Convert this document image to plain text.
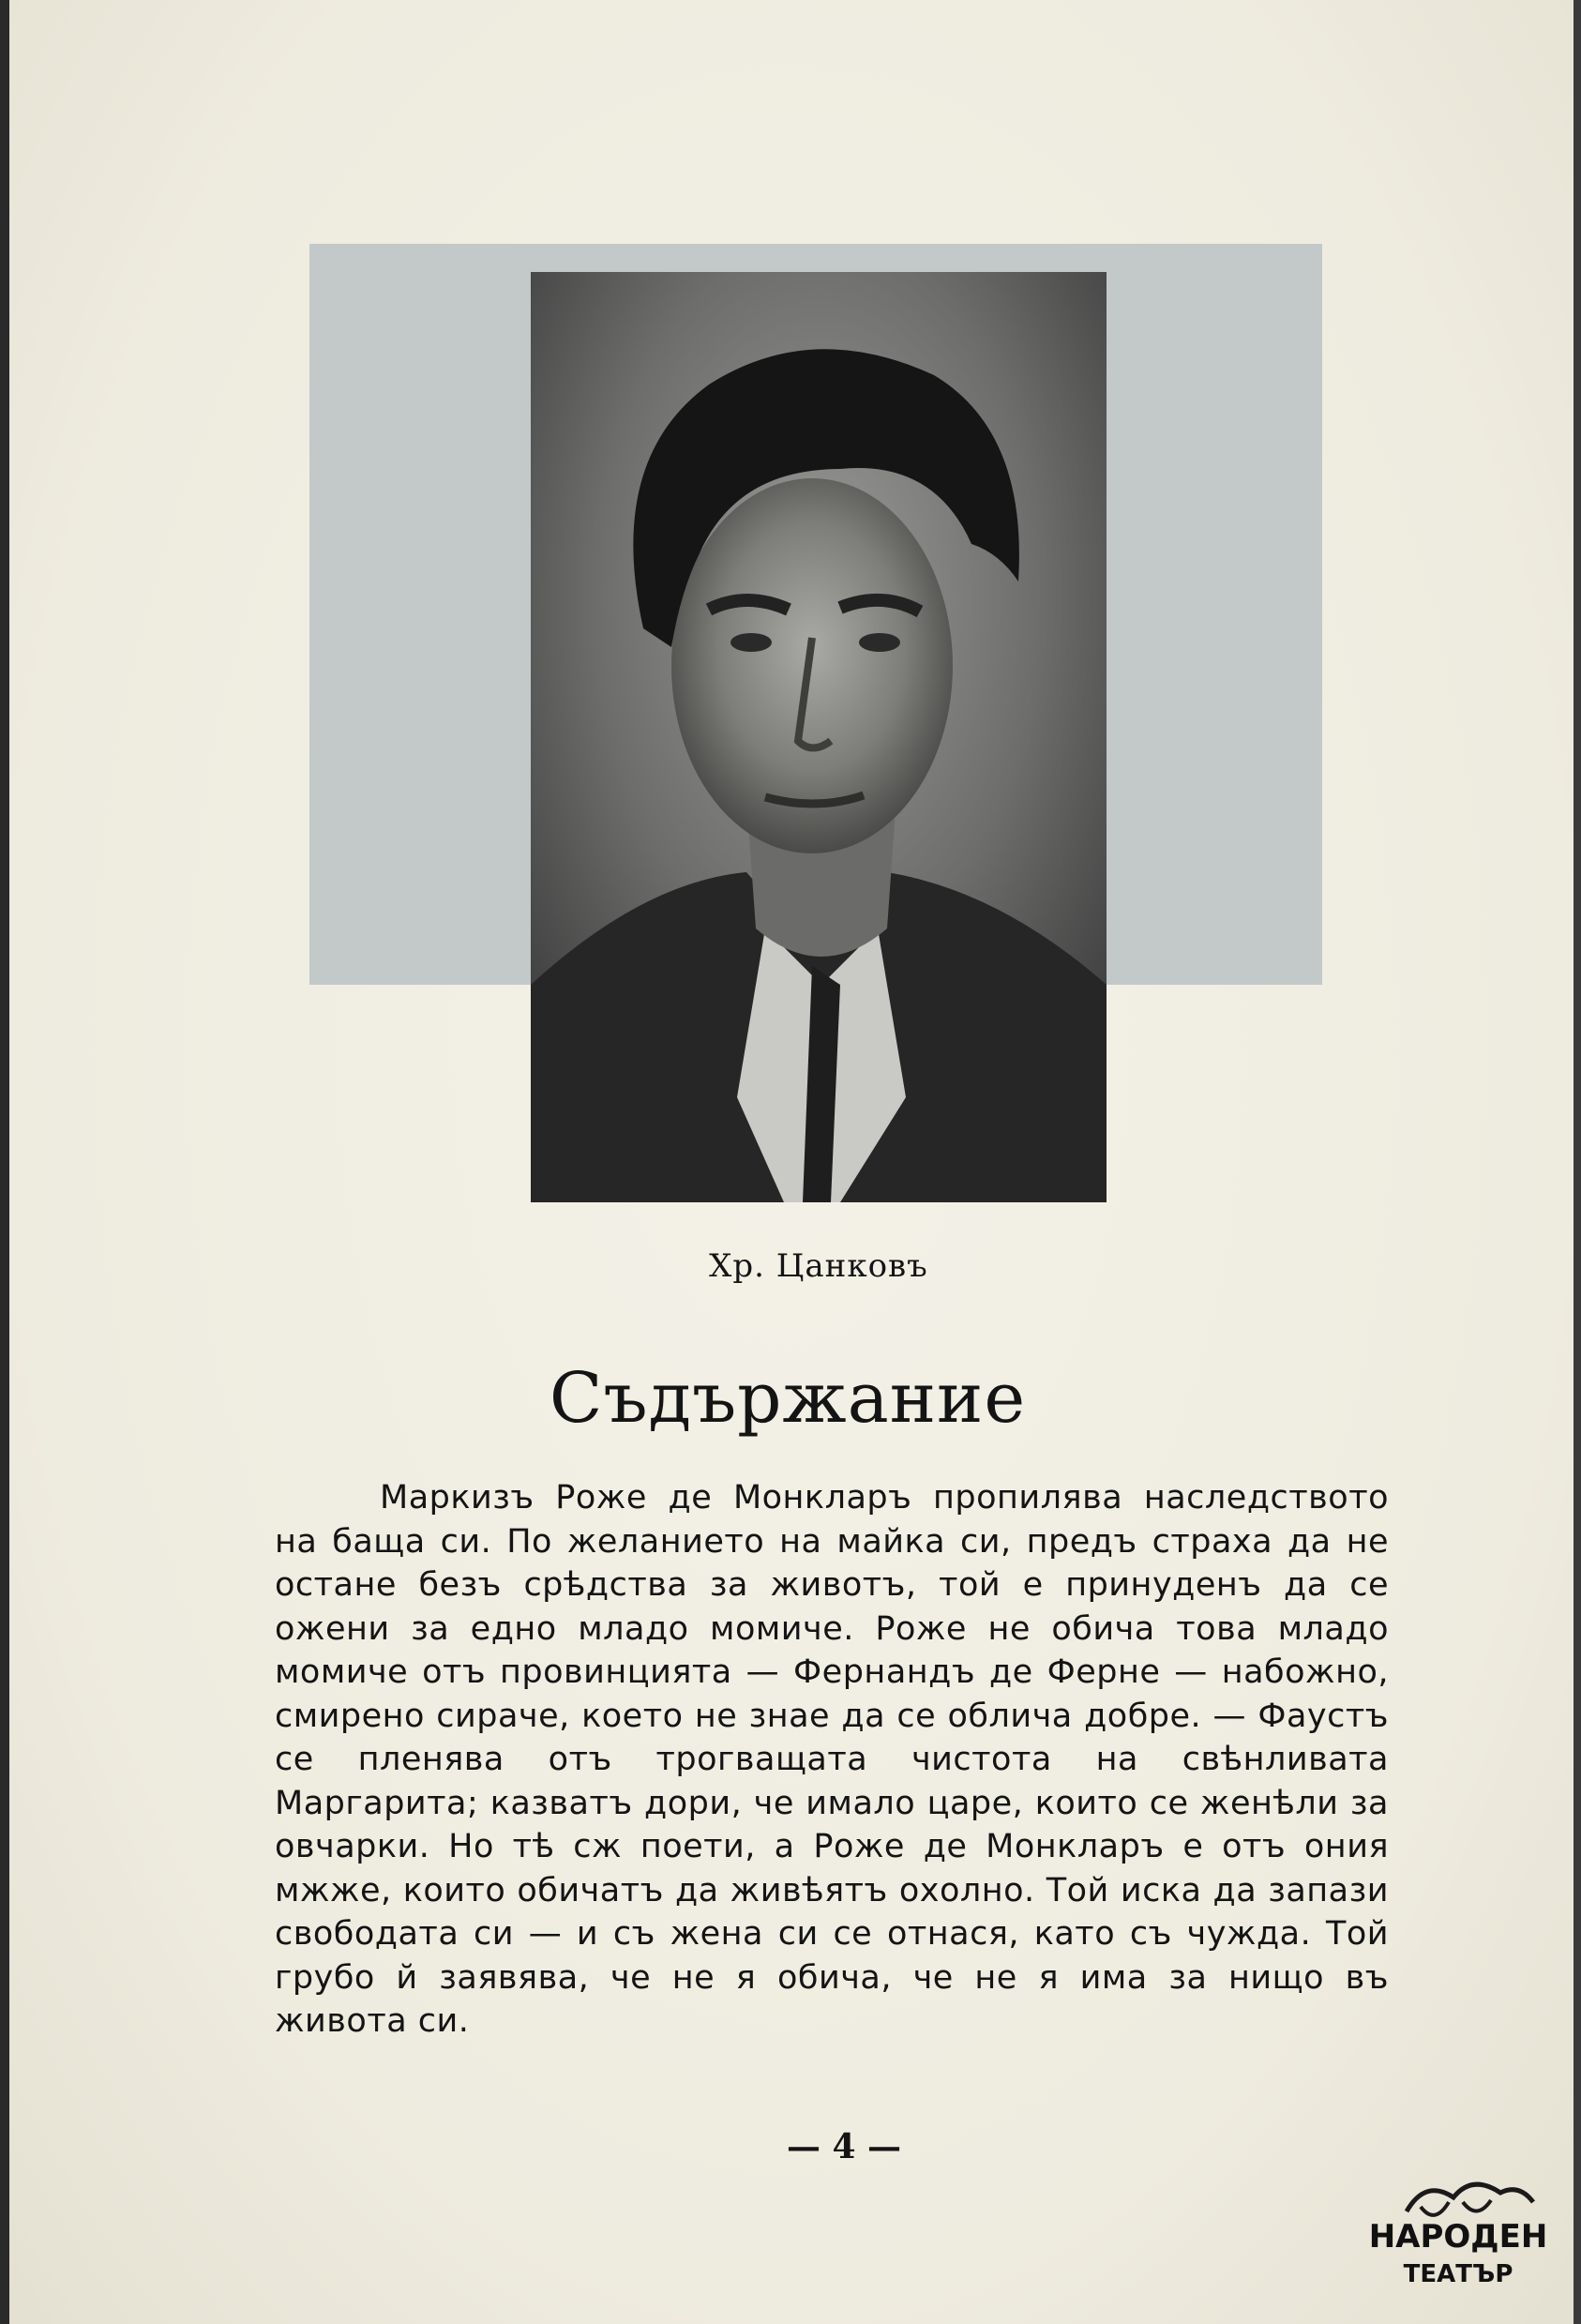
Хр. Цанковъ
Съдържание

Маркизъ Роже де Монкларъ пропилява наследството на баща си. По желанието на майка си, предъ страха да не остане безъ срѣдства за животъ, той е принуденъ да се ожени за едно младо момиче. Роже не обича това младо момиче отъ провинцията — Фернандъ де Ферне — набожно, смирено сираче, което не знае да се облича добре. — Фаустъ се пленява отъ трогващата чистота на свѣнливата Маргарита; казватъ дори, че имало царе, които се женѣли за овчарки. Но тѣ сж поети, а Роже де Монкларъ е отъ ония мжже, които обичатъ да живѣятъ охолно. Той иска да запази свободата си — и съ жена си се отнася, като съ чужда. Той грубо й заявява, че не я обича, че не я има за нищо въ живота си.

— 4 —
НАРОДЕН
ТЕАТЪР
